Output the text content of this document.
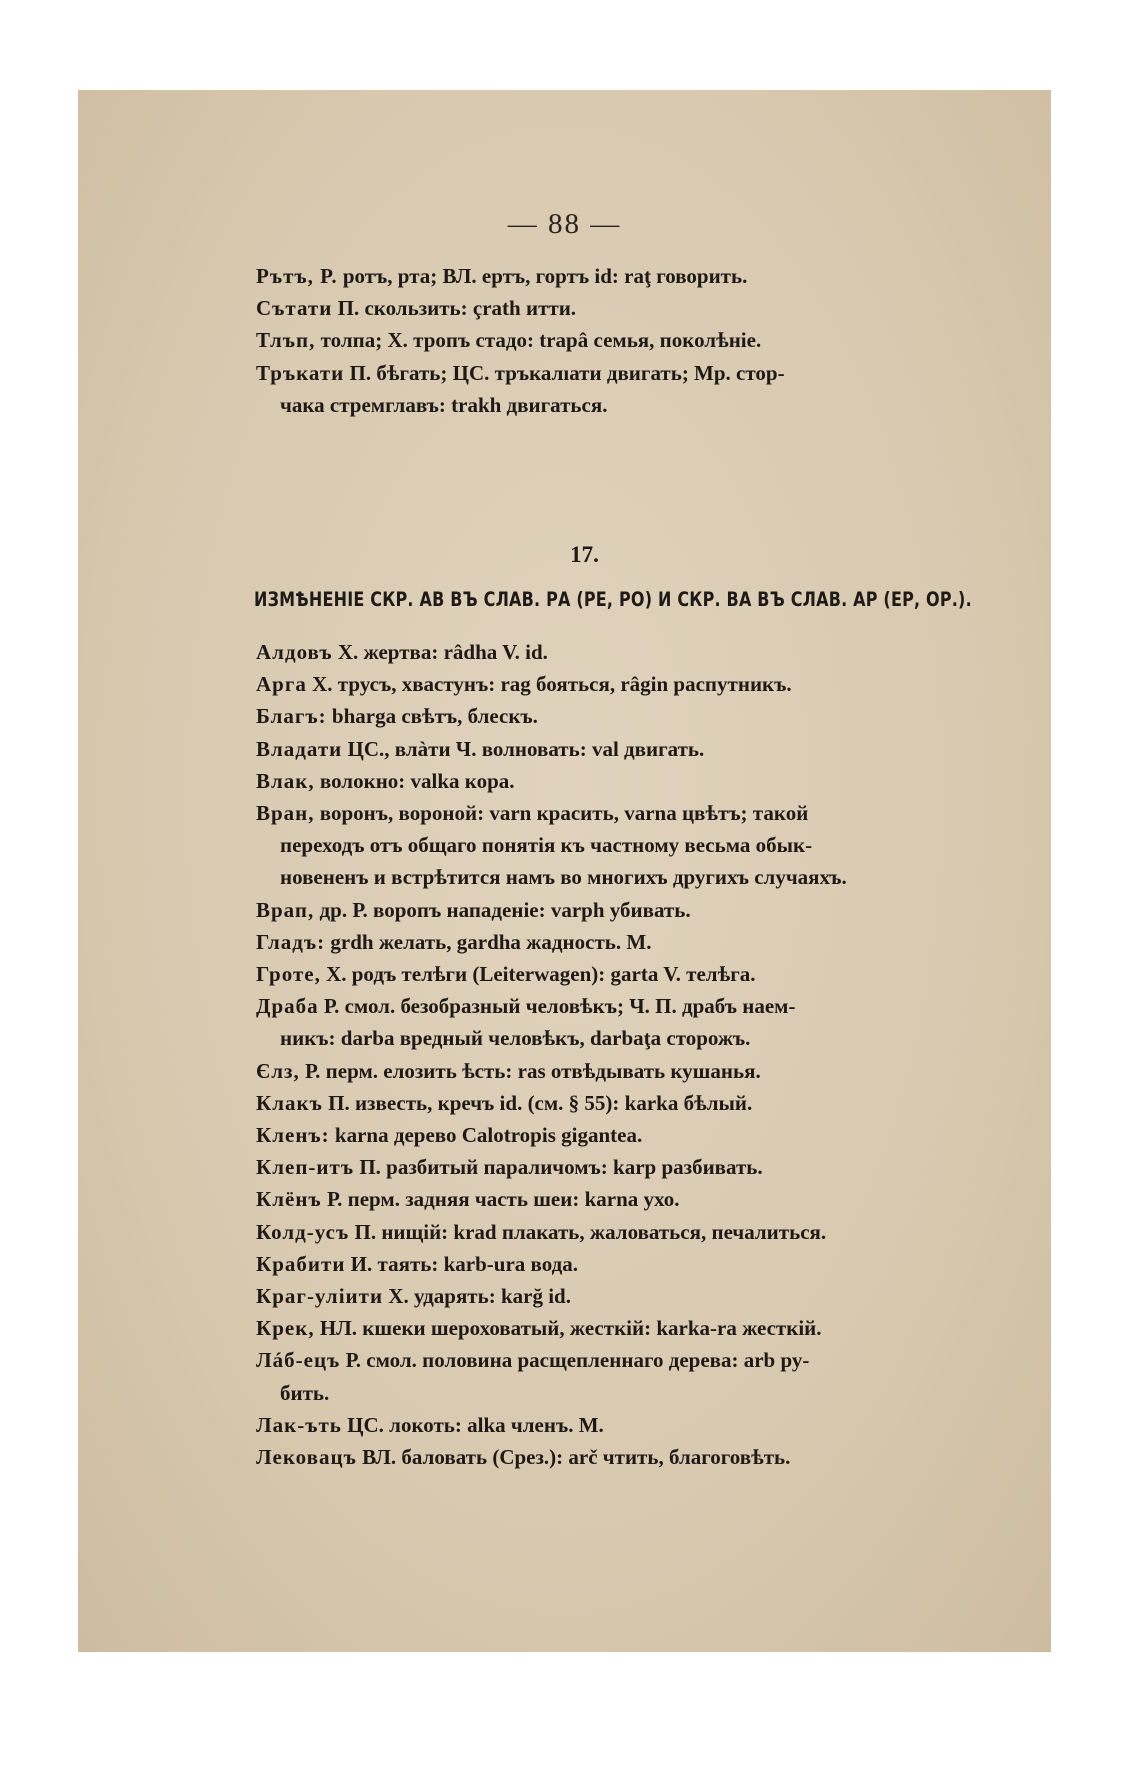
— 88 —
Рътъ, Р. ротъ, рта; ВЛ. ертъ, гортъ id: raţ говорить.
Сътати П. скользить: çrath итти.
Тлъп, толпа; Х. тропъ стадо: trapâ семья, поколѣніе.
Тръкати П. бѣгать; ЦС. тръкалıати двигать; Мр. стор-
чака стремглавъ: trakh двигаться.
17.
ИЗМѢНЕНІЕ СКР. АВ ВЪ СЛАВ. РА (РЕ, РО) И СКР. ВА ВЪ СЛАВ. АР (ЕР, ОР.).
Алдовъ Х. жертва: râdha V. id.
Арга Х. трусъ, хвастунъ: rag бояться, râgin распутникъ.
Благъ: bharga свѣтъ, блескъ.
Владати ЦС., влàти Ч. волновать: val двигать.
Влак, волокно: valka кора.
Вран, воронъ, вороной: varn красить, varna цвѣтъ; такой
переходъ отъ общаго понятія къ частному весьма обык-
новененъ и встрѣтится намъ во многихъ другихъ случаяхъ.
Врап, др. Р. воропъ нападеніе: varph убивать.
Гладъ: grdh желать, gardha жадность. М.
Гроте, Х. родъ телѣги (Leiterwagen): garta V. телѣга.
Драба Р. смол. безобразный человѣкъ; Ч. П. драбъ наем-
никъ: darba вредный человѣкъ, darbaţa сторожъ.
Єлз, Р. перм. елозить ѣсть: ras отвѣдывать кушанья.
Клакъ П. известь, кречъ id. (см. § 55): karka бѣлый.
Кленъ: karna дерево Calotropis gigantea.
Клеп-итъ П. разбитый параличомъ: karp разбивать.
Клёнъ Р. перм. задняя часть шеи: karna ухо.
Колд-усъ П. нищій: krad плакать, жаловаться, печалиться.
Крабити И. таять: karb-ura вода.
Краг-уліити Х. ударять: karğ id.
Крек, НЛ. кшеки шероховатый, жесткій: karka-ra жесткій.
Лáб-ецъ Р. смол. половина расщепленнаго дерева: arb ру-
бить.
Лак-ъть ЦС. локоть: alka членъ. М.
Лековацъ ВЛ. баловать (Срез.): arč чтить, благоговѣть.
